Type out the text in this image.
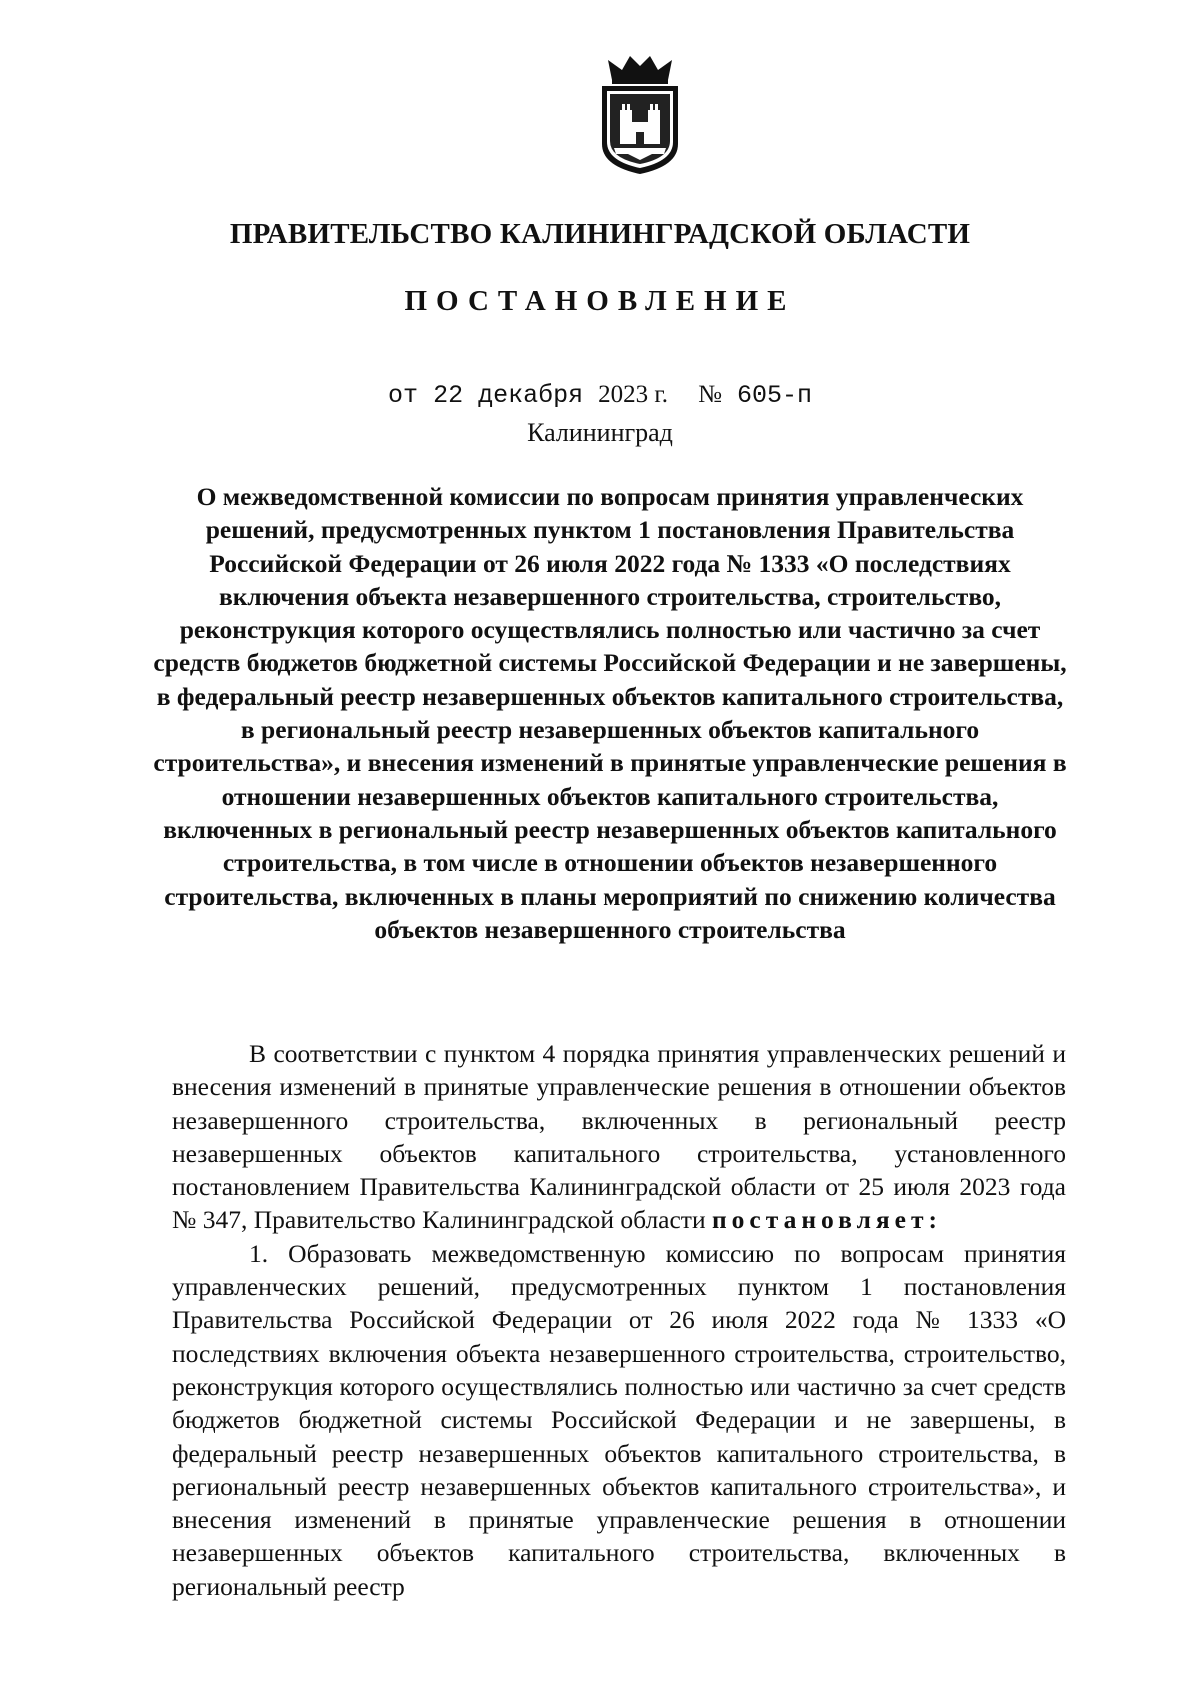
ПРАВИТЕЛЬСТВО КАЛИНИНГРАДСКОЙ ОБЛАСТИ
ПОСТАНОВЛЕНИЕ
от 22 декабря 2023 г. № 605-п
Калининград
О межведомственной комиссии по вопросам принятия управленческих решений, предусмотренных пунктом 1 постановления Правительства Российской Федерации от 26 июля 2022 года № 1333 «О последствиях включения объекта незавершенного строительства, строительство, реконструкция которого осуществлялись полностью или частично за счет средств бюджетов бюджетной системы Российской Федерации и не завершены, в федеральный реестр незавершенных объектов капитального строительства, в региональный реестр незавершенных объектов капитального строительства», и внесения изменений в принятые управленческие решения в отношении незавершенных объектов капитального строительства, включенных в региональный реестр незавершенных объектов капитального строительства, в том числе в отношении объектов незавершенного строительства, включенных в планы мероприятий по снижению количества объектов незавершенного строительства

В соответствии с пунктом 4 порядка принятия управленческих решений и внесения изменений в принятые управленческие решения в отношении объектов незавершенного строительства, включенных в региональный реестр незавершенных объектов капитального строительства, установленного постановлением Правительства Калининградской области от 25 июля 2023 года № 347, Правительство Калининградской области постановляет:

1. Образовать межведомственную комиссию по вопросам принятия управленческих решений, предусмотренных пунктом 1 постановления Правительства Российской Федерации от 26 июля 2022 года № 1333 «О последствиях включения объекта незавершенного строительства, строительство, реконструкция которого осуществлялись полностью или частично за счет средств бюджетов бюджетной системы Российской Федерации и не завершены, в федеральный реестр незавершенных объектов капитального строительства, в региональный реестр незавершенных объектов капитального строительства», и внесения изменений в принятые управленческие решения в отношении незавершенных объектов капитального строительства, включенных в региональный реестр
